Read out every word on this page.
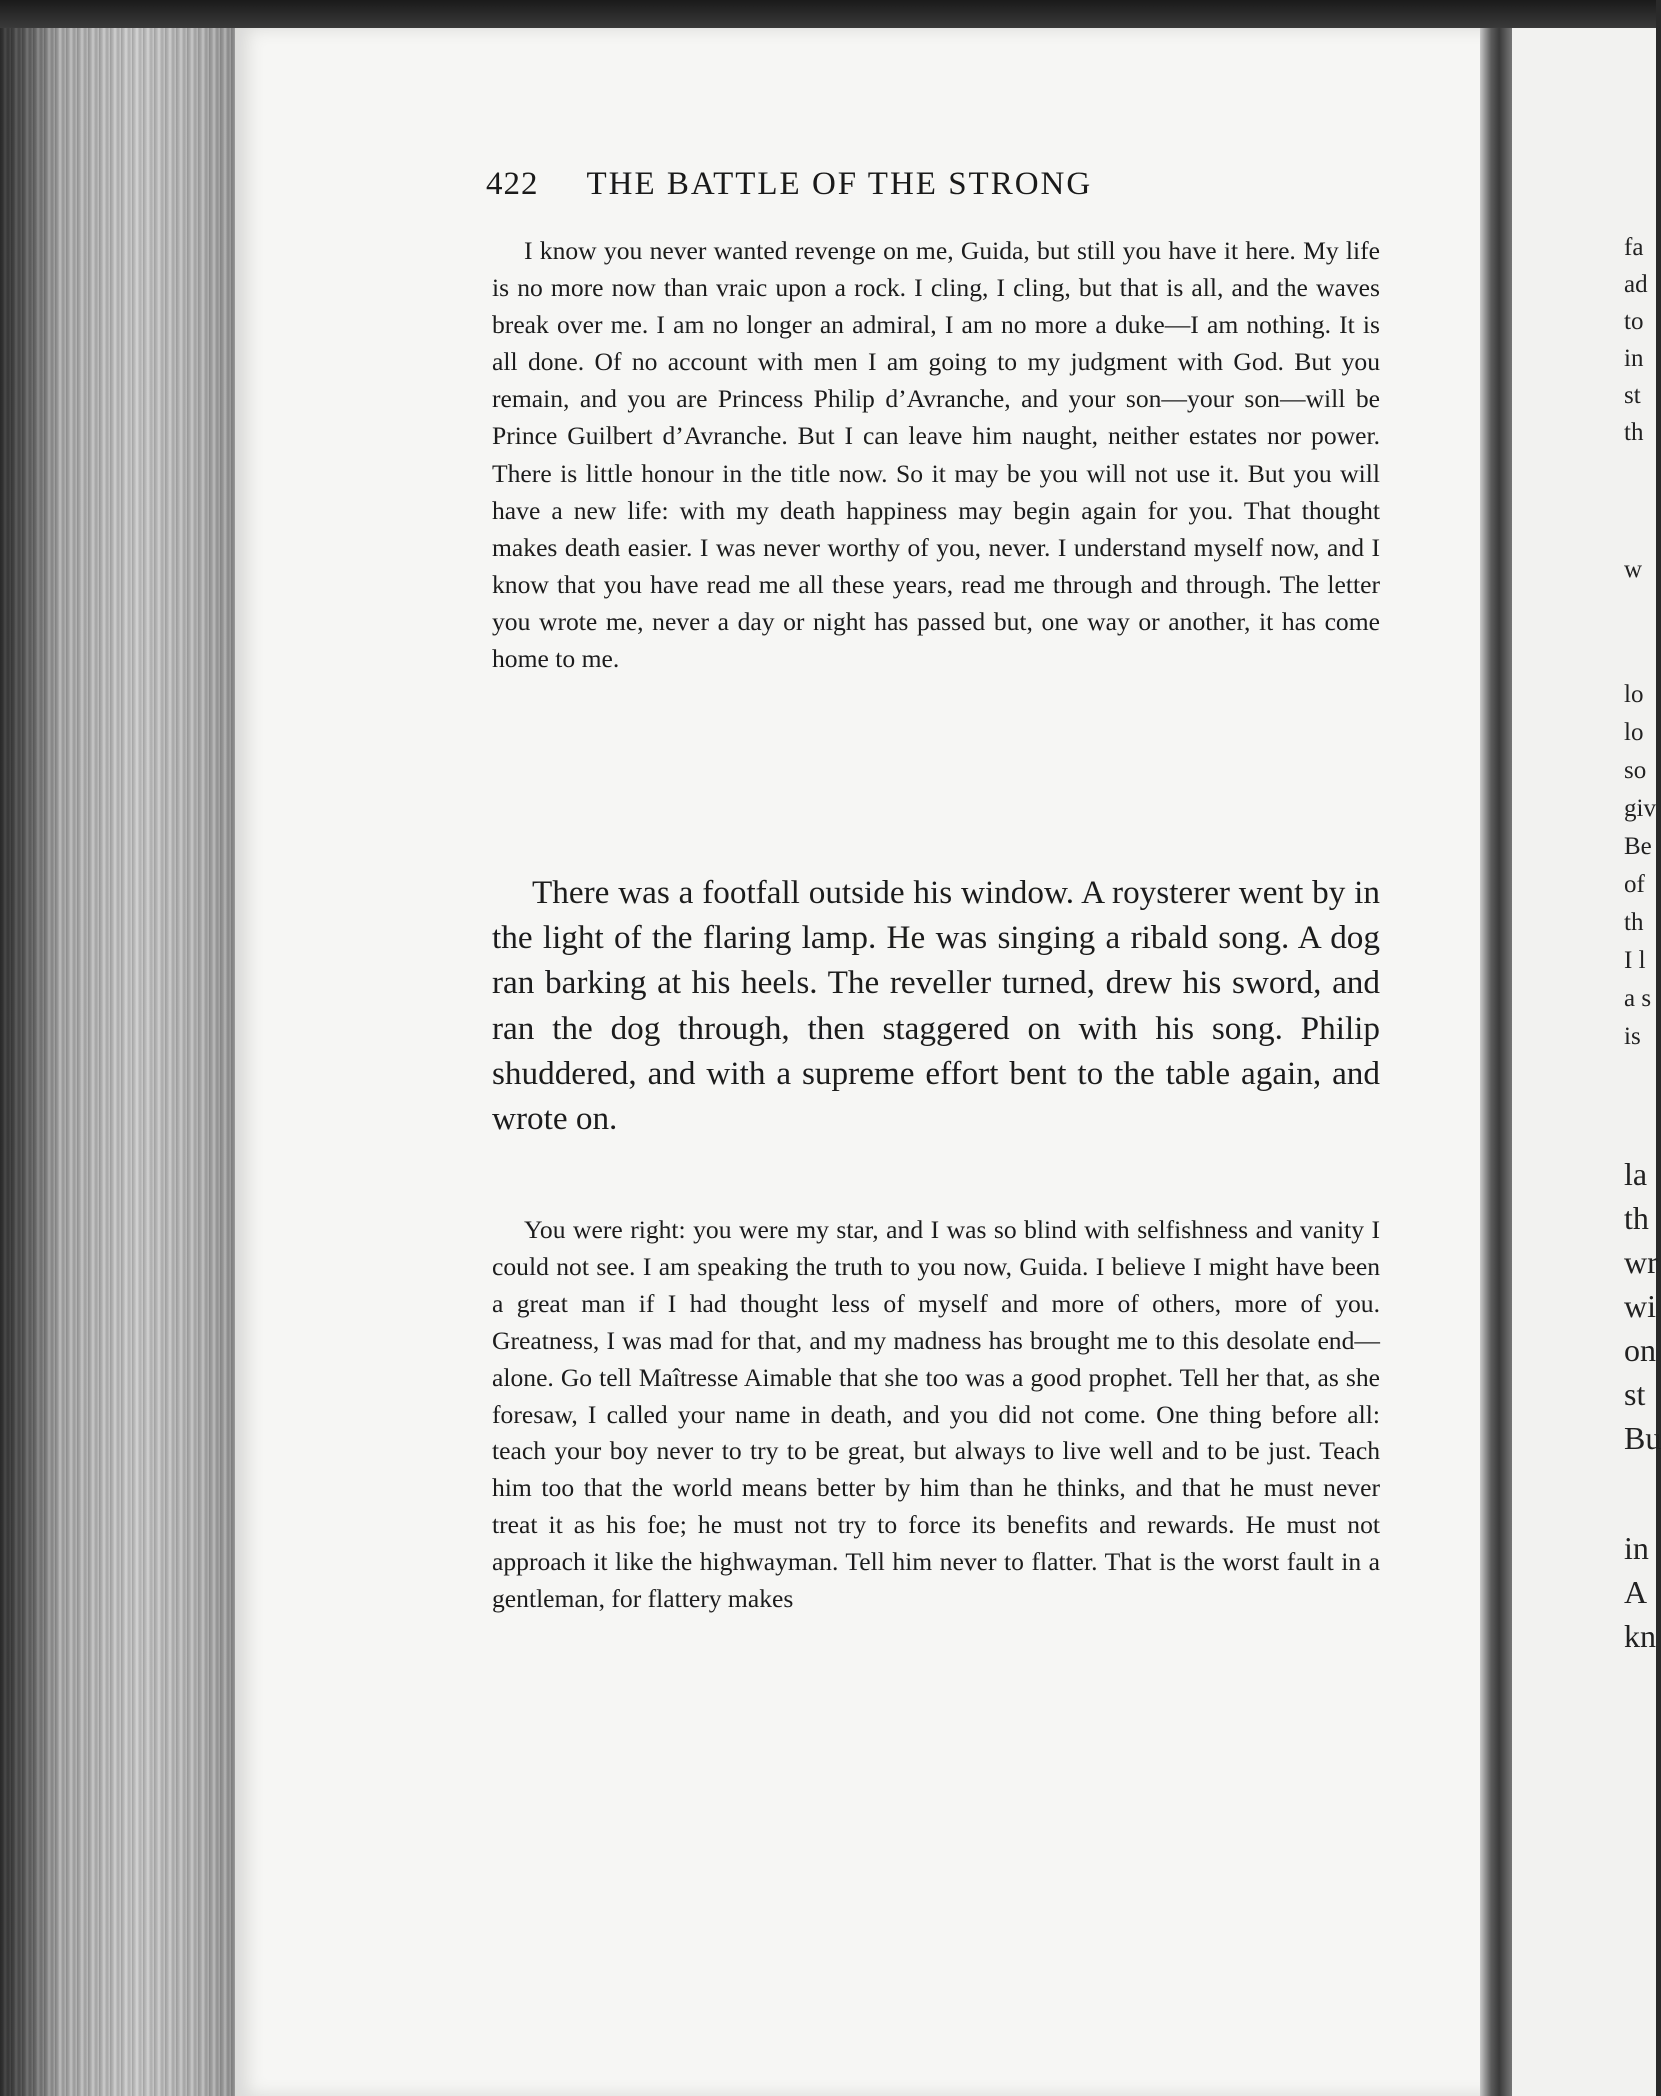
422 THE BATTLE OF THE STRONG

I know you never wanted revenge on me, Guida, but still you have it here. My life is no more now than vraic upon a rock. I cling, I cling, but that is all, and the waves break over me. I am no longer an admiral, I am no more a duke—I am nothing. It is all done. Of no account with men I am going to my judgment with God. But you remain, and you are Princess Philip d’Avranche, and your son—your son—will be Prince Guilbert d’Avranche. But I can leave him naught, neither estates nor power. There is little honour in the title now. So it may be you will not use it. But you will have a new life: with my death happiness may begin again for you. That thought makes death easier. I was never worthy of you, never. I understand myself now, and I know that you have read me all these years, read me through and through. The letter you wrote me, never a day or night has passed but, one way or another, it has come home to me.

There was a footfall outside his window. A roysterer went by in the light of the flaring lamp. He was singing a ribald song. A dog ran barking at his heels. The reveller turned, drew his sword, and ran the dog through, then staggered on with his song. Philip shuddered, and with a supreme effort bent to the table again, and wrote on.

You were right: you were my star, and I was so blind with selfishness and vanity I could not see. I am speaking the truth to you now, Guida. I believe I might have been a great man if I had thought less of myself and more of others, more of you. Greatness, I was mad for that, and my madness has brought me to this desolate end—alone. Go tell Maîtresse Aimable that she too was a good prophet. Tell her that, as she foresaw, I called your name in death, and you did not come. One thing before all: teach your boy never to try to be great, but always to live well and to be just. Teach him too that the world means better by him than he thinks, and that he must never treat it as his foe; he must not try to force its benefits and rewards. He must not approach it like the highwayman. Tell him never to flatter. That is the worst fault in a gentleman, for flattery makes

fa
ad
to
in
st
th
w
lo
lo
so
giv
Be
of
th
I l
a s
is
la
th
wr
wi
on
st
Bu
in
A
kn
